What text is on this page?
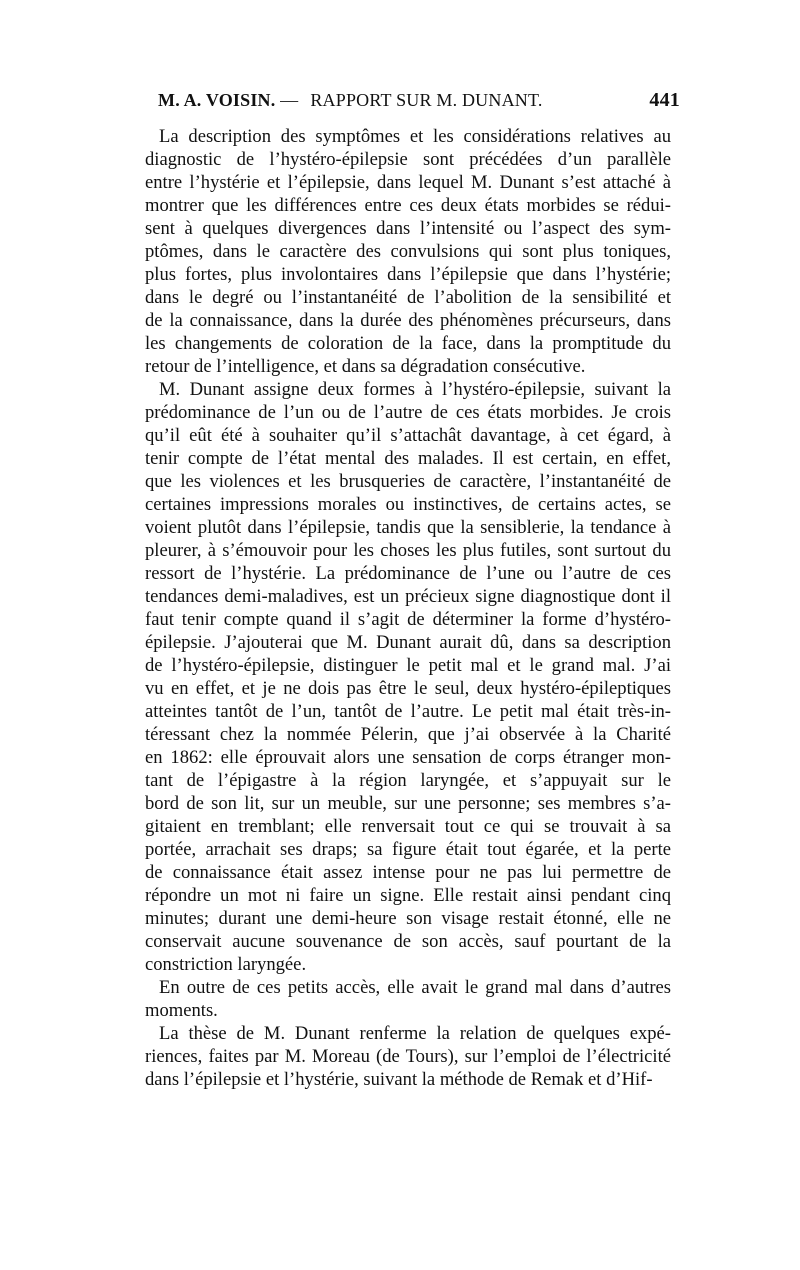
M. A. VOISIN. — RAPPORT SUR M. DUNANT.	441

La description des symptômes et les considérations relatives au
diagnostic de l’hystéro-épilepsie sont précédées d’un parallèle
entre l’hystérie et l’épilepsie, dans lequel M. Dunant s’est attaché à
montrer que les différences entre ces deux états morbides se rédui-
sent à quelques divergences dans l’intensité ou l’aspect des sym-
ptômes, dans le caractère des convulsions qui sont plus toniques,
plus fortes, plus involontaires dans l’épilepsie que dans l’hystérie;
dans le degré ou l’instantanéité de l’abolition de la sensibilité et
de la connaissance, dans la durée des phénomènes précurseurs, dans
les changements de coloration de la face, dans la promptitude du
retour de l’intelligence, et dans sa dégradation consécutive.

M. Dunant assigne deux formes à l’hystéro-épilepsie, suivant la
prédominance de l’un ou de l’autre de ces états morbides. Je crois
qu’il eût été à souhaiter qu’il s’attachât davantage, à cet égard, à
tenir compte de l’état mental des malades. Il est certain, en effet,
que les violences et les brusqueries de caractère, l’instantanéité de
certaines impressions morales ou instinctives, de certains actes, se
voient plutôt dans l’épilepsie, tandis que la sensiblerie, la tendance à
pleurer, à s’émouvoir pour les choses les plus futiles, sont surtout du
ressort de l’hystérie. La prédominance de l’une ou l’autre de ces
tendances demi-maladives, est un précieux signe diagnostique dont il
faut tenir compte quand il s’agit de déterminer la forme d’hystéro-
épilepsie. J’ajouterai que M. Dunant aurait dû, dans sa description
de l’hystéro-épilepsie, distinguer le petit mal et le grand mal. J’ai
vu en effet, et je ne dois pas être le seul, deux hystéro-épileptiques
atteintes tantôt de l’un, tantôt de l’autre. Le petit mal était très-in-
téressant chez la nommée Pélerin, que j’ai observée à la Charité
en 1862: elle éprouvait alors une sensation de corps étranger mon-
tant de l’épigastre à la région laryngée, et s’appuyait sur le
bord de son lit, sur un meuble, sur une personne; ses membres s’a-
gitaient en tremblant; elle renversait tout ce qui se trouvait à sa
portée, arrachait ses draps; sa figure était tout égarée, et la perte
de connaissance était assez intense pour ne pas lui permettre de
répondre un mot ni faire un signe. Elle restait ainsi pendant cinq
minutes; durant une demi-heure son visage restait étonné, elle ne
conservait aucune souvenance de son accès, sauf pourtant de la
constriction laryngée.

En outre de ces petits accès, elle avait le grand mal dans d’autres
moments.

La thèse de M. Dunant renferme la relation de quelques expé-
riences, faites par M. Moreau (de Tours), sur l’emploi de l’électricité
dans l’épilepsie et l’hystérie, suivant la méthode de Remak et d’Hif-
